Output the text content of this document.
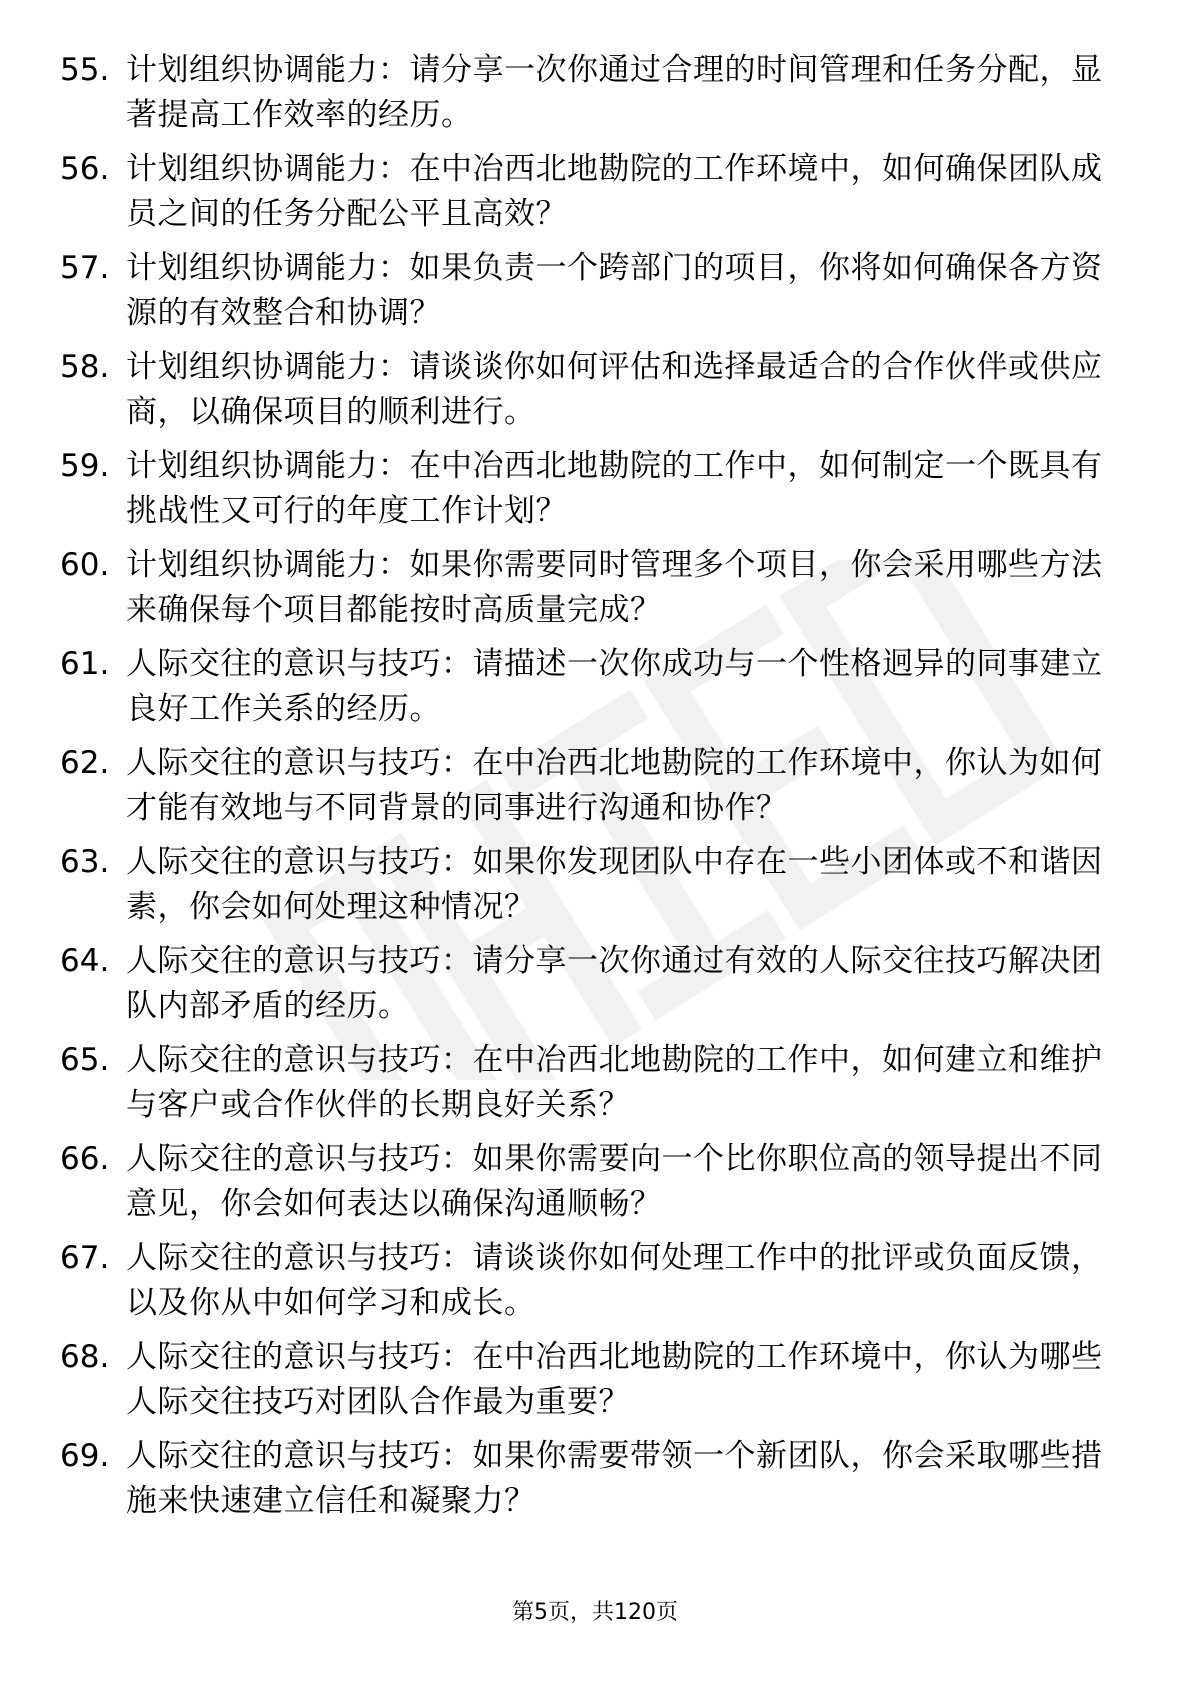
55. 计划组织协调能力：请分享一次你通过合理的时间管理和任务分配，显著提高工作效率的经历。
56. 计划组织协调能力：在中冶西北地勘院的工作环境中，如何确保团队成员之间的任务分配公平且高效？
57. 计划组织协调能力：如果负责一个跨部门的项目，你将如何确保各方资源的有效整合和协调？
58. 计划组织协调能力：请谈谈你如何评估和选择最适合的合作伙伴或供应商，以确保项目的顺利进行。
59. 计划组织协调能力：在中冶西北地勘院的工作中，如何制定一个既具有挑战性又可行的年度工作计划？
60. 计划组织协调能力：如果你需要同时管理多个项目，你会采用哪些方法来确保每个项目都能按时高质量完成？
61. 人际交往的意识与技巧：请描述一次你成功与一个性格迥异的同事建立良好工作关系的经历。
62. 人际交往的意识与技巧：在中冶西北地勘院的工作环境中，你认为如何才能有效地与不同背景的同事进行沟通和协作？
63. 人际交往的意识与技巧：如果你发现团队中存在一些小团体或不和谐因素，你会如何处理这种情况？
64. 人际交往的意识与技巧：请分享一次你通过有效的人际交往技巧解决团队内部矛盾的经历。
65. 人际交往的意识与技巧：在中冶西北地勘院的工作中，如何建立和维护与客户或合作伙伴的长期良好关系？
66. 人际交往的意识与技巧：如果你需要向一个比你职位高的领导提出不同意见，你会如何表达以确保沟通顺畅？
67. 人际交往的意识与技巧：请谈谈你如何处理工作中的批评或负面反馈，以及你从中如何学习和成长。
68. 人际交往的意识与技巧：在中冶西北地勘院的工作环境中，你认为哪些人际交往技巧对团队合作最为重要？
69. 人际交往的意识与技巧：如果你需要带领一个新团队，你会采取哪些措施来快速建立信任和凝聚力？
第5页，共120页
